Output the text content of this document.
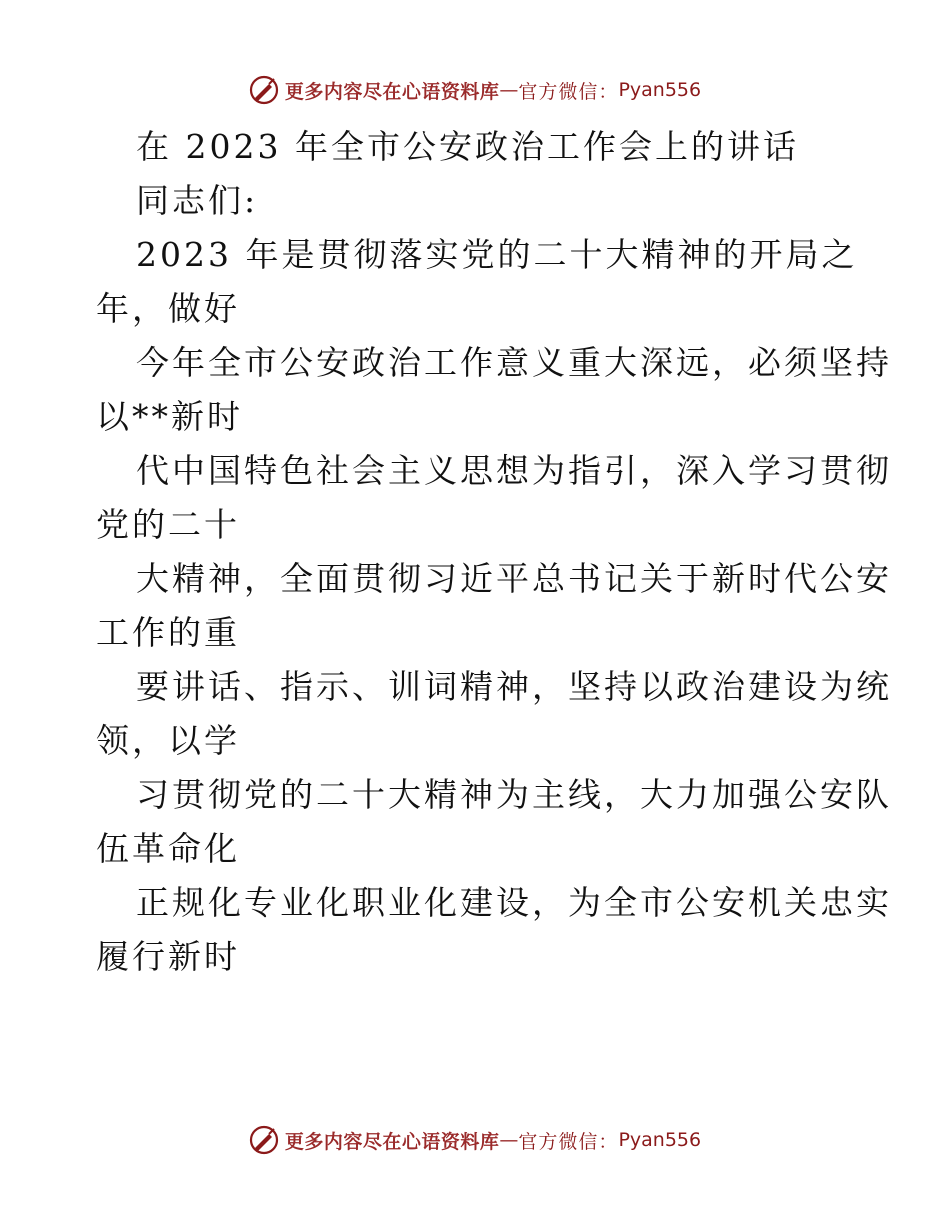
更多内容尽在心语资料库 — 官方微信： Pyan556
在 2023 年全市公安政治工作会上的讲话
同志们:
2023 年是贯彻落实党的二十大精神的开局之
年，做好
今年全市公安政治工作意义重大深远，必须坚持
以**新时
代中国特色社会主义思想为指引，深入学习贯彻
党的二十
大精神，全面贯彻习近平总书记关于新时代公安
工作的重
要讲话、指示、训词精神，坚持以政治建设为统
领，以学
习贯彻党的二十大精神为主线，大力加强公安队
伍革命化
正规化专业化职业化建设，为全市公安机关忠实
履行新时
更多内容尽在心语资料库 — 官方微信： Pyan556
